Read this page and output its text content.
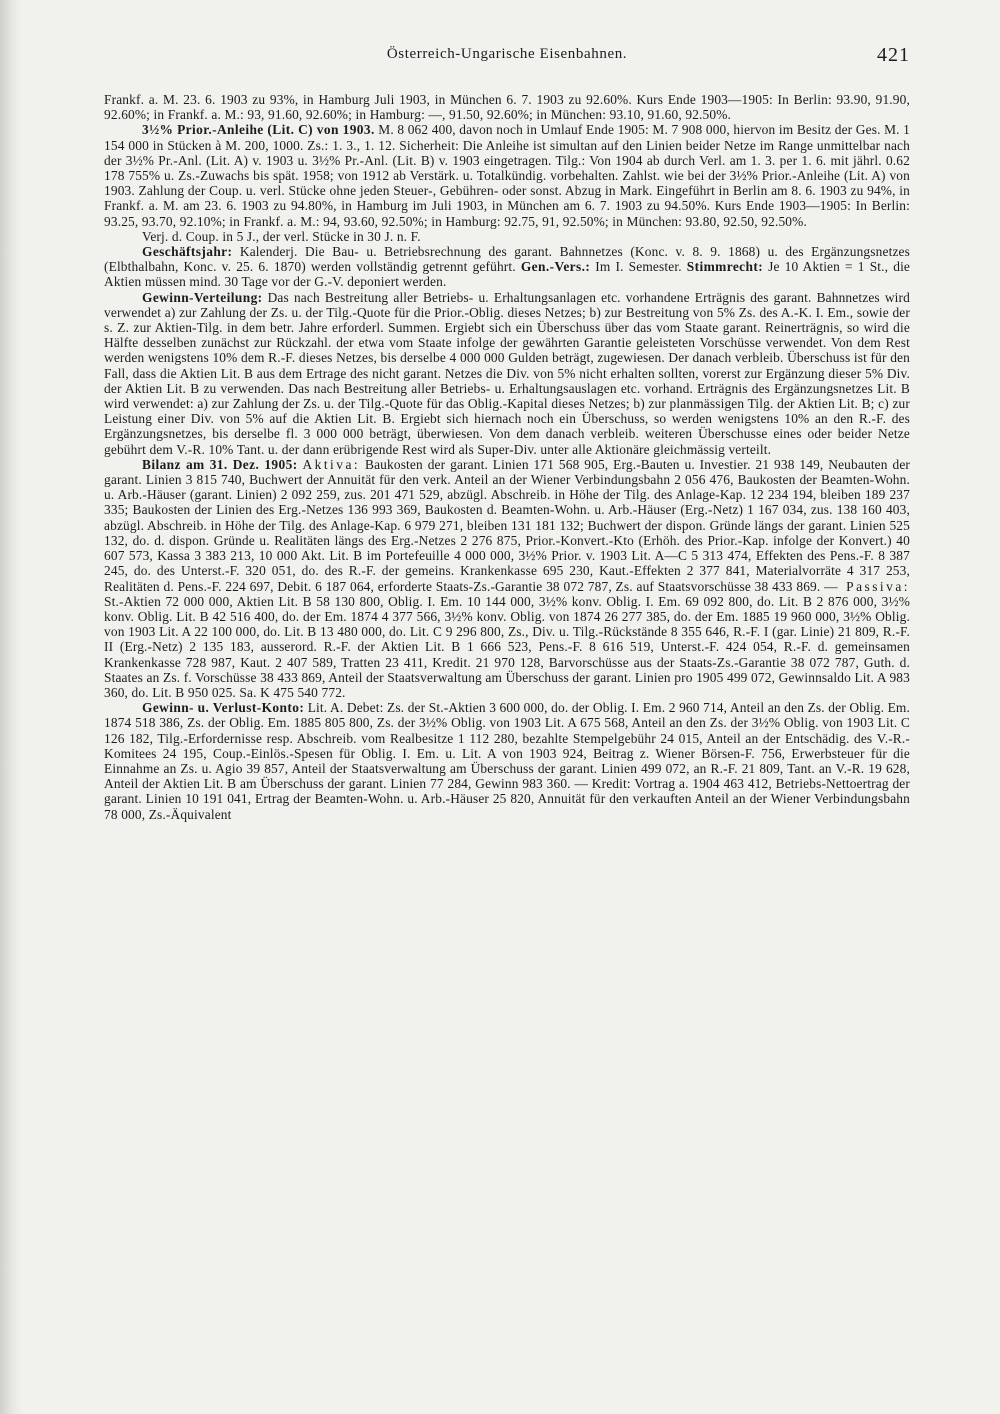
Österreich-Ungarische Eisenbahnen.	421

Frankf. a. M. 23. 6. 1903 zu 93%, in Hamburg Juli 1903, in München 6. 7. 1903 zu 92.60%. Kurs Ende 1903—1905: In Berlin: 93.90, 91.90, 92.60%; in Frankf. a. M.: 93, 91.60, 92.60%; in Hamburg: —, 91.50, 92.60%; in München: 93.10, 91.60, 92.50%.

3½% Prior.-Anleihe (Lit. C) von 1903. M. 8 062 400, davon noch in Umlauf Ende 1905: M. 7 908 000, hiervon im Besitz der Ges. M. 1 154 000 in Stücken à M. 200, 1000. Zs.: 1. 3., 1. 12. Sicherheit: Die Anleihe ist simultan auf den Linien beider Netze im Range unmittelbar nach der 3½% Pr.-Anl. (Lit. A) v. 1903 u. 3½% Pr.-Anl. (Lit. B) v. 1903 eingetragen. Tilg.: Von 1904 ab durch Verl. am 1. 3. per 1. 6. mit jährl. 0.62 178 755% u. Zs.-Zuwachs bis spät. 1958; von 1912 ab Verstärk. u. Totalkündig. vorbehalten. Zahlst. wie bei der 3½% Prior.-Anleihe (Lit. A) von 1903. Zahlung der Coup. u. verl. Stücke ohne jeden Steuer-, Gebühren- oder sonst. Abzug in Mark. Eingeführt in Berlin am 8. 6. 1903 zu 94%, in Frankf. a. M. am 23. 6. 1903 zu 94.80%, in Hamburg im Juli 1903, in München am 6. 7. 1903 zu 94.50%. Kurs Ende 1903—1905: In Berlin: 93.25, 93.70, 92.10%; in Frankf. a. M.: 94, 93.60, 92.50%; in Hamburg: 92.75, 91, 92.50%; in München: 93.80, 92.50, 92.50%.

Verj. d. Coup. in 5 J., der verl. Stücke in 30 J. n. F.

Geschäftsjahr: Kalenderj. Die Bau- u. Betriebsrechnung des garant. Bahnnetzes (Konc. v. 8. 9. 1868) u. des Ergänzungsnetzes (Elbthalbahn, Konc. v. 25. 6. 1870) werden vollständig getrennt geführt. Gen.-Vers.: Im I. Semester. Stimmrecht: Je 10 Aktien = 1 St., die Aktien müssen mind. 30 Tage vor der G.-V. deponiert werden.

Gewinn-Verteilung: Das nach Bestreitung aller Betriebs- u. Erhaltungsanlagen etc. vorhandene Erträgnis des garant. Bahnnetzes wird verwendet a) zur Zahlung der Zs. u. der Tilg.-Quote für die Prior.-Oblig. dieses Netzes; b) zur Bestreitung von 5% Zs. des A.-K. I. Em., sowie der s. Z. zur Aktien-Tilg. in dem betr. Jahre erforderl. Summen. Ergiebt sich ein Überschuss über das vom Staate garant. Reinerträgnis, so wird die Hälfte desselben zunächst zur Rückzahl. der etwa vom Staate infolge der gewährten Garantie geleisteten Vorschüsse verwendet. Von dem Rest werden wenigstens 10% dem R.-F. dieses Netzes, bis derselbe 4 000 000 Gulden beträgt, zugewiesen. Der danach verbleib. Überschuss ist für den Fall, dass die Aktien Lit. B aus dem Ertrage des nicht garant. Netzes die Div. von 5% nicht erhalten sollten, vorerst zur Ergänzung dieser 5% Div. der Aktien Lit. B zu verwenden. Das nach Bestreitung aller Betriebs- u. Erhaltungsauslagen etc. vorhand. Erträgnis des Ergänzungsnetzes Lit. B wird verwendet: a) zur Zahlung der Zs. u. der Tilg.-Quote für das Oblig.-Kapital dieses Netzes; b) zur planmässigen Tilg. der Aktien Lit. B; c) zur Leistung einer Div. von 5% auf die Aktien Lit. B. Ergiebt sich hiernach noch ein Überschuss, so werden wenigstens 10% an den R.-F. des Ergänzungsnetzes, bis derselbe fl. 3 000 000 beträgt, überwiesen. Von dem danach verbleib. weiteren Überschusse eines oder beider Netze gebührt dem V.-R. 10% Tant. u. der dann erübrigende Rest wird als Super-Div. unter alle Aktionäre gleichmässig verteilt.

Bilanz am 31. Dez. 1905: Aktiva: Baukosten der garant. Linien 171 568 905, Erg.-Bauten u. Investier. 21 938 149, Neubauten der garant. Linien 3 815 740, Buchwert der Annuität für den verk. Anteil an der Wiener Verbindungsbahn 2 056 476, Baukosten der Beamten-Wohn. u. Arb.-Häuser (garant. Linien) 2 092 259, zus. 201 471 529, abzügl. Abschreib. in Höhe der Tilg. des Anlage-Kap. 12 234 194, bleiben 189 237 335; Baukosten der Linien des Erg.-Netzes 136 993 369, Baukosten d. Beamten-Wohn. u. Arb.-Häuser (Erg.-Netz) 1 167 034, zus. 138 160 403, abzügl. Abschreib. in Höhe der Tilg. des Anlage-Kap. 6 979 271, bleiben 131 181 132; Buchwert der dispon. Gründe längs der garant. Linien 525 132, do. d. dispon. Gründe u. Realitäten längs des Erg.-Netzes 2 276 875, Prior.-Konvert.-Kto (Erhöh. des Prior.-Kap. infolge der Konvert.) 40 607 573, Kassa 3 383 213, 10 000 Akt. Lit. B im Portefeuille 4 000 000, 3½% Prior. v. 1903 Lit. A—C 5 313 474, Effekten des Pens.-F. 8 387 245, do. des Unterst.-F. 320 051, do. des R.-F. der gemeins. Krankenkasse 695 230, Kaut.-Effekten 2 377 841, Materialvorräte 4 317 253, Realitäten d. Pens.-F. 224 697, Debit. 6 187 064, erforderte Staats-Zs.-Garantie 38 072 787, Zs. auf Staatsvorschüsse 38 433 869. — Passiva: St.-Aktien 72 000 000, Aktien Lit. B 58 130 800, Oblig. I. Em. 10 144 000, 3½% konv. Oblig. I. Em. 69 092 800, do. Lit. B 2 876 000, 3½% konv. Oblig. Lit. B 42 516 400, do. der Em. 1874 4 377 566, 3½% konv. Oblig. von 1874 26 277 385, do. der Em. 1885 19 960 000, 3½% Oblig. von 1903 Lit. A 22 100 000, do. Lit. B 13 480 000, do. Lit. C 9 296 800, Zs., Div. u. Tilg.-Rückstände 8 355 646, R.-F. I (gar. Linie) 21 809, R.-F. II (Erg.-Netz) 2 135 183, ausserord. R.-F. der Aktien Lit. B 1 666 523, Pens.-F. 8 616 519, Unterst.-F. 424 054, R.-F. d. gemeinsamen Krankenkasse 728 987, Kaut. 2 407 589, Tratten 23 411, Kredit. 21 970 128, Barvorschüsse aus der Staats-Zs.-Garantie 38 072 787, Guth. d. Staates an Zs. f. Vorschüsse 38 433 869, Anteil der Staatsverwaltung am Überschuss der garant. Linien pro 1905 499 072, Gewinnsaldo Lit. A 983 360, do. Lit. B 950 025. Sa. K 475 540 772.

Gewinn- u. Verlust-Konto: Lit. A. Debet: Zs. der St.-Aktien 3 600 000, do. der Oblig. I. Em. 2 960 714, Anteil an den Zs. der Oblig. Em. 1874 518 386, Zs. der Oblig. Em. 1885 805 800, Zs. der 3½% Oblig. von 1903 Lit. A 675 568, Anteil an den Zs. der 3½% Oblig. von 1903 Lit. C 126 182, Tilg.-Erfordernisse resp. Abschreib. vom Realbesitze 1 112 280, bezahlte Stempelgebühr 24 015, Anteil an der Entschädig. des V.-R.-Komitees 24 195, Coup.-Einlös.-Spesen für Oblig. I. Em. u. Lit. A von 1903 924, Beitrag z. Wiener Börsen-F. 756, Erwerbsteuer für die Einnahme an Zs. u. Agio 39 857, Anteil der Staatsverwaltung am Überschuss der garant. Linien 499 072, an R.-F. 21 809, Tant. an V.-R. 19 628, Anteil der Aktien Lit. B am Überschuss der garant. Linien 77 284, Gewinn 983 360. — Kredit: Vortrag a. 1904 463 412, Betriebs-Nettoertrag der garant. Linien 10 191 041, Ertrag der Beamten-Wohn. u. Arb.-Häuser 25 820, Annuität für den verkauften Anteil an der Wiener Verbindungsbahn 78 000, Zs.-Äquivalent
